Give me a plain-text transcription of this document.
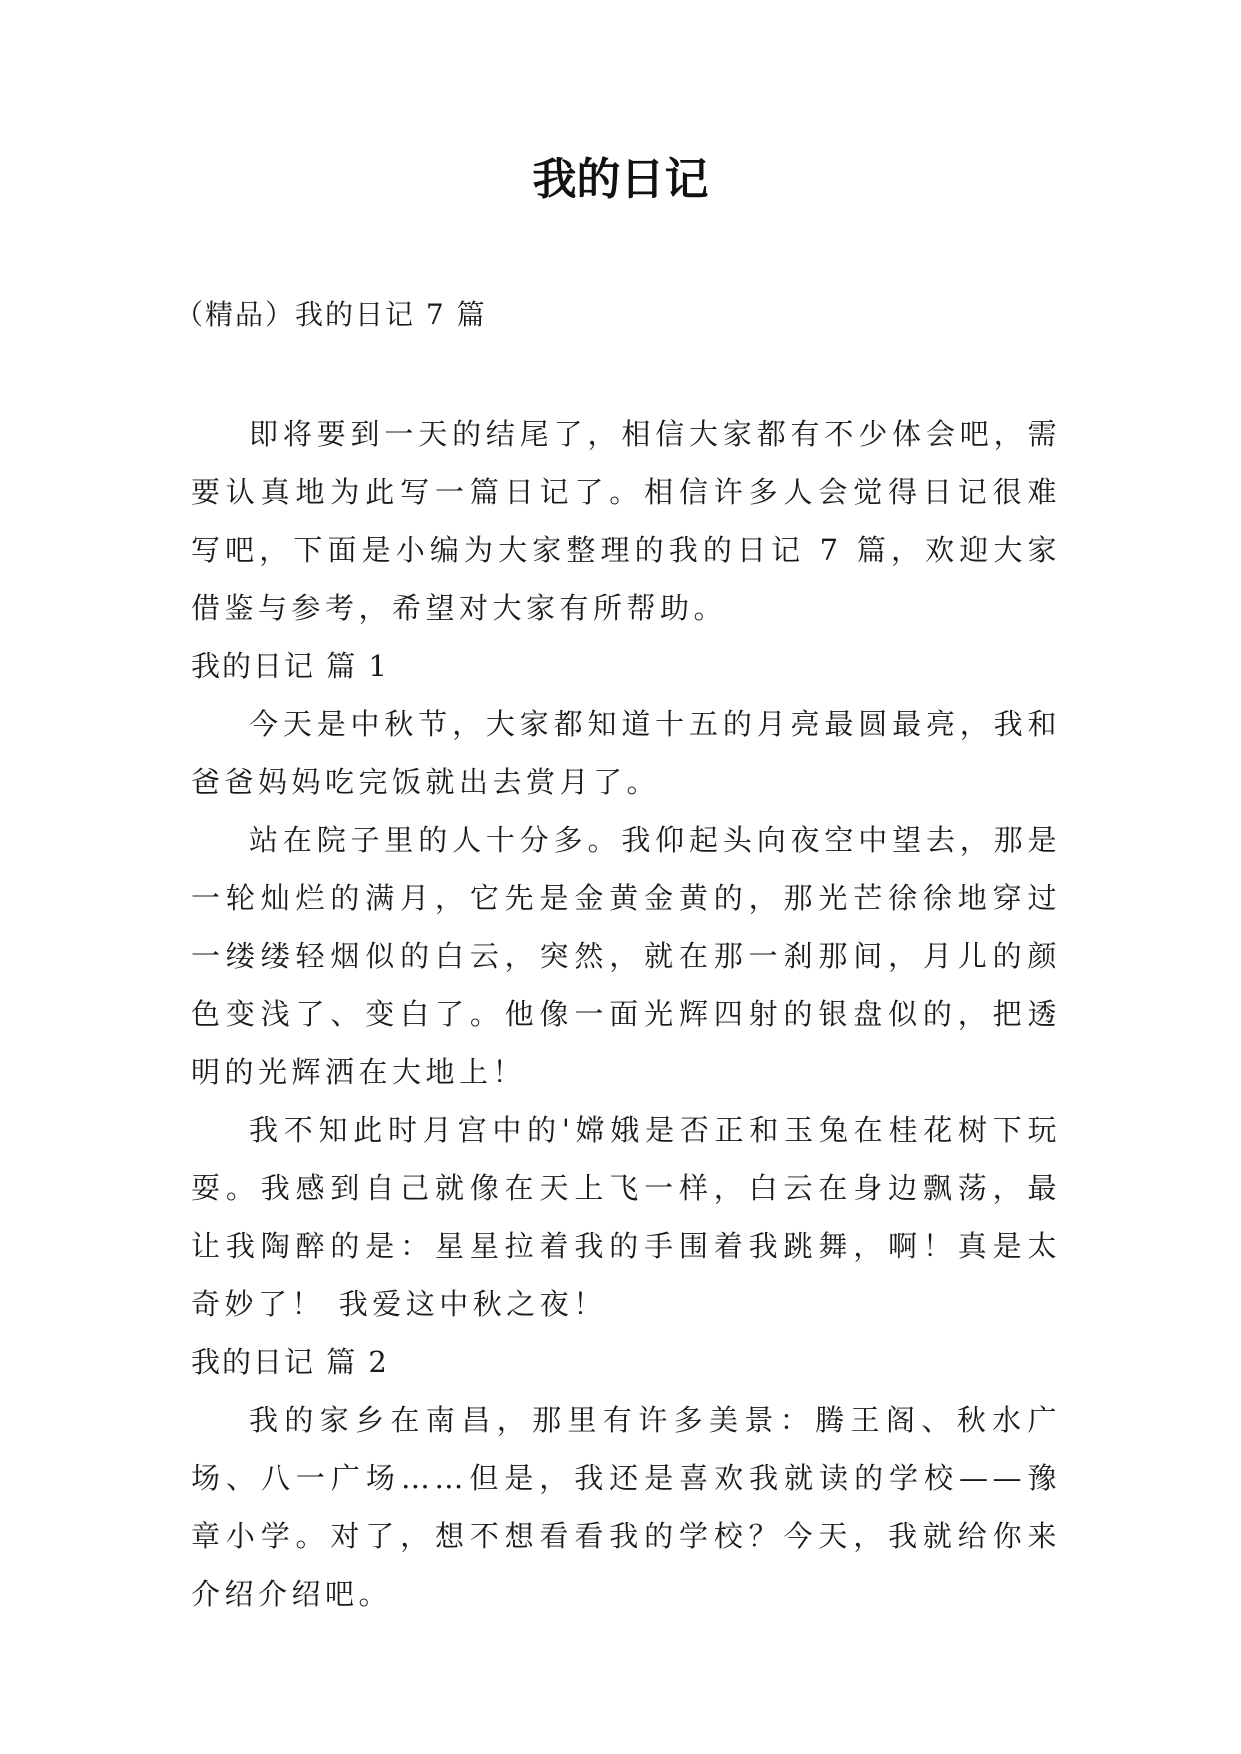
我的日记

（精品）我的日记 7 篇

即将要到一天的结尾了，相信大家都有不少体会吧，需要认真地为此写一篇日记了。相信许多人会觉得日记很难写吧，下面是小编为大家整理的我的日记 7 篇，欢迎大家借鉴与参考，希望对大家有所帮助。

我的日记 篇 1

今天是中秋节，大家都知道十五的月亮最圆最亮，我和爸爸妈妈吃完饭就出去赏月了。

站在院子里的人十分多。我仰起头向夜空中望去，那是一轮灿烂的满月，它先是金黄金黄的，那光芒徐徐地穿过一缕缕轻烟似的白云，突然，就在那一刹那间，月儿的颜色变浅了、变白了。他像一面光辉四射的银盘似的，把透明的光辉洒在大地上！

我不知此时月宫中的'嫦娥是否正和玉兔在桂花树下玩耍。我感到自己就像在天上飞一样，白云在身边飘荡，最让我陶醉的是：星星拉着我的手围着我跳舞，啊！真是太奇妙了！ 我爱这中秋之夜！

我的日记 篇 2

我的家乡在南昌，那里有许多美景：腾王阁、秋水广场、八一广场……但是，我还是喜欢我就读的学校——豫章小学。对了，想不想看看我的学校？今天，我就给你来介绍介绍吧。
